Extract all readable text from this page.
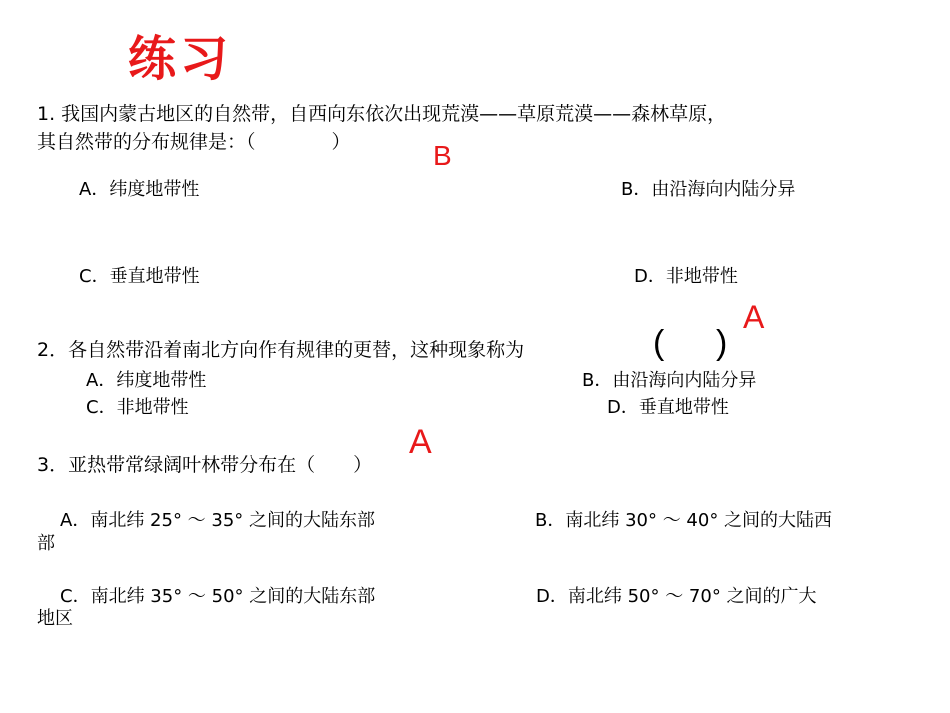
练习
1. 我国内蒙古地区的自然带，自西向东依次出现荒漠——草原荒漠——森林草原，
其自然带的分布规律是：（　　　　）	B
A．纬度地带性	B．由沿海向内陆分异
C．垂直地带性	D．非地带性
A
2．各自然带沿着南北方向作有规律的更替，这种现象称为	( )
A．纬度地带性	B．由沿海向内陆分异
C．非地带性	D．垂直地带性
A
3．亚热带常绿阔叶林带分布在（　　）
A．南北纬 25° ～ 35° 之间的大陆东部	B．南北纬 30° ～ 40° 之间的大陆西
部
C．南北纬 35° ～ 50° 之间的大陆东部	D．南北纬 50° ～ 70° 之间的广大
地区
